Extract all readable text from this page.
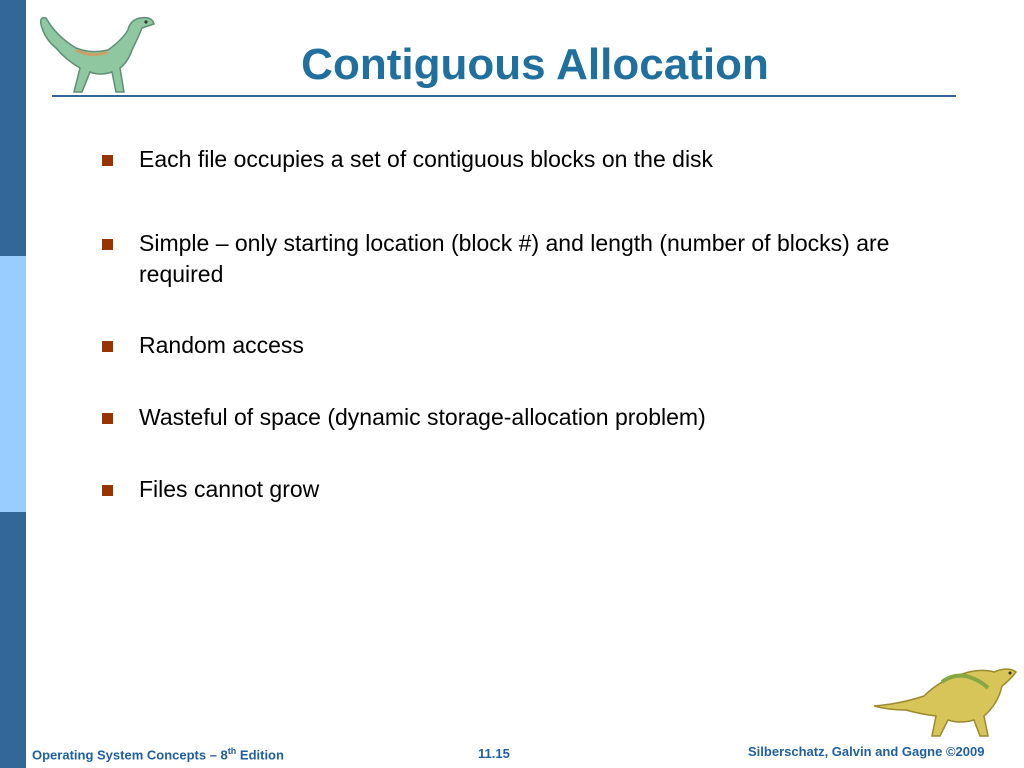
Contiguous Allocation
Each file occupies a set of contiguous blocks on the disk
Simple – only starting location (block #) and length (number of blocks) are required
Random access
Wasteful of space (dynamic storage-allocation problem)
Files cannot grow
Operating System Concepts – 8th Edition	11.15	Silberschatz, Galvin and Gagne ©2009
